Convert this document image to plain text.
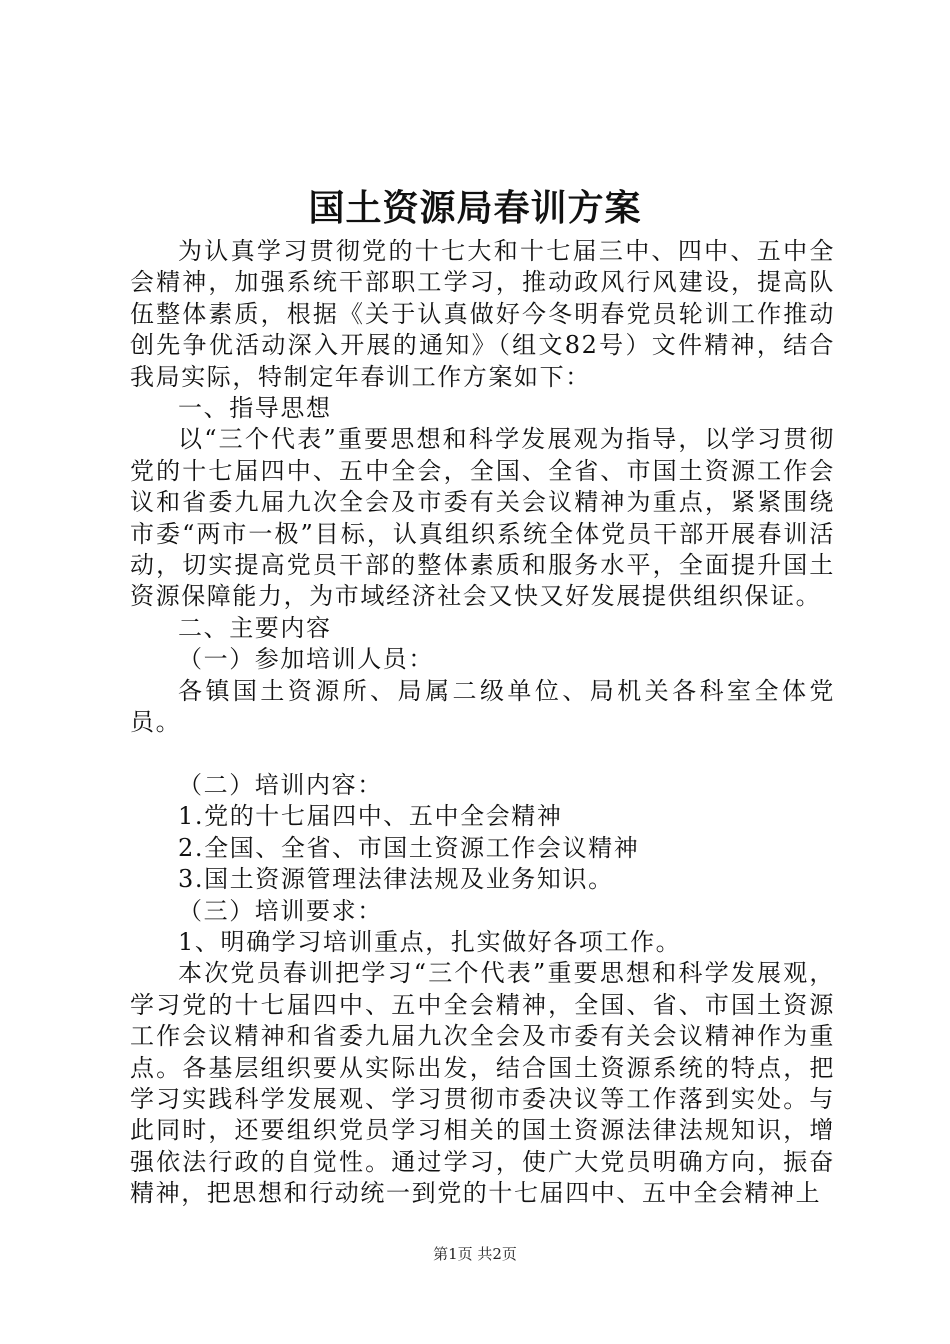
国土资源局春训方案

为认真学习贯彻党的十七大和十七届三中、四中、五中全会精神，加强系统干部职工学习，推动政风行风建设，提高队伍整体素质，根据《关于认真做好今冬明春党员轮训工作推动创先争优活动深入开展的通知》（组文82号）文件精神，结合我局实际，特制定年春训工作方案如下：

一、指导思想

以“三个代表”重要思想和科学发展观为指导，以学习贯彻党的十七届四中、五中全会，全国、全省、市国土资源工作会议和省委九届九次全会及市委有关会议精神为重点，紧紧围绕市委“两市一极”目标，认真组织系统全体党员干部开展春训活动，切实提高党员干部的整体素质和服务水平，全面提升国土资源保障能力，为市域经济社会又快又好发展提供组织保证。

二、主要内容

（一）参加培训人员：

各镇国土资源所、局属二级单位、局机关各科室全体党员。

（二）培训内容：

1.党的十七届四中、五中全会精神

2.全国、全省、市国土资源工作会议精神

3.国土资源管理法律法规及业务知识。

（三）培训要求：

1、明确学习培训重点，扎实做好各项工作。

本次党员春训把学习“三个代表”重要思想和科学发展观，学习党的十七届四中、五中全会精神，全国、省、市国土资源工作会议精神和省委九届九次全会及市委有关会议精神作为重点。各基层组织要从实际出发，结合国土资源系统的特点，把学习实践科学发展观、学习贯彻市委决议等工作落到实处。与此同时，还要组织党员学习相关的国土资源法律法规知识，增强依法行政的自觉性。通过学习，使广大党员明确方向，振奋精神，把思想和行动统一到党的十七届四中、五中全会精神上

第1页 共2页
